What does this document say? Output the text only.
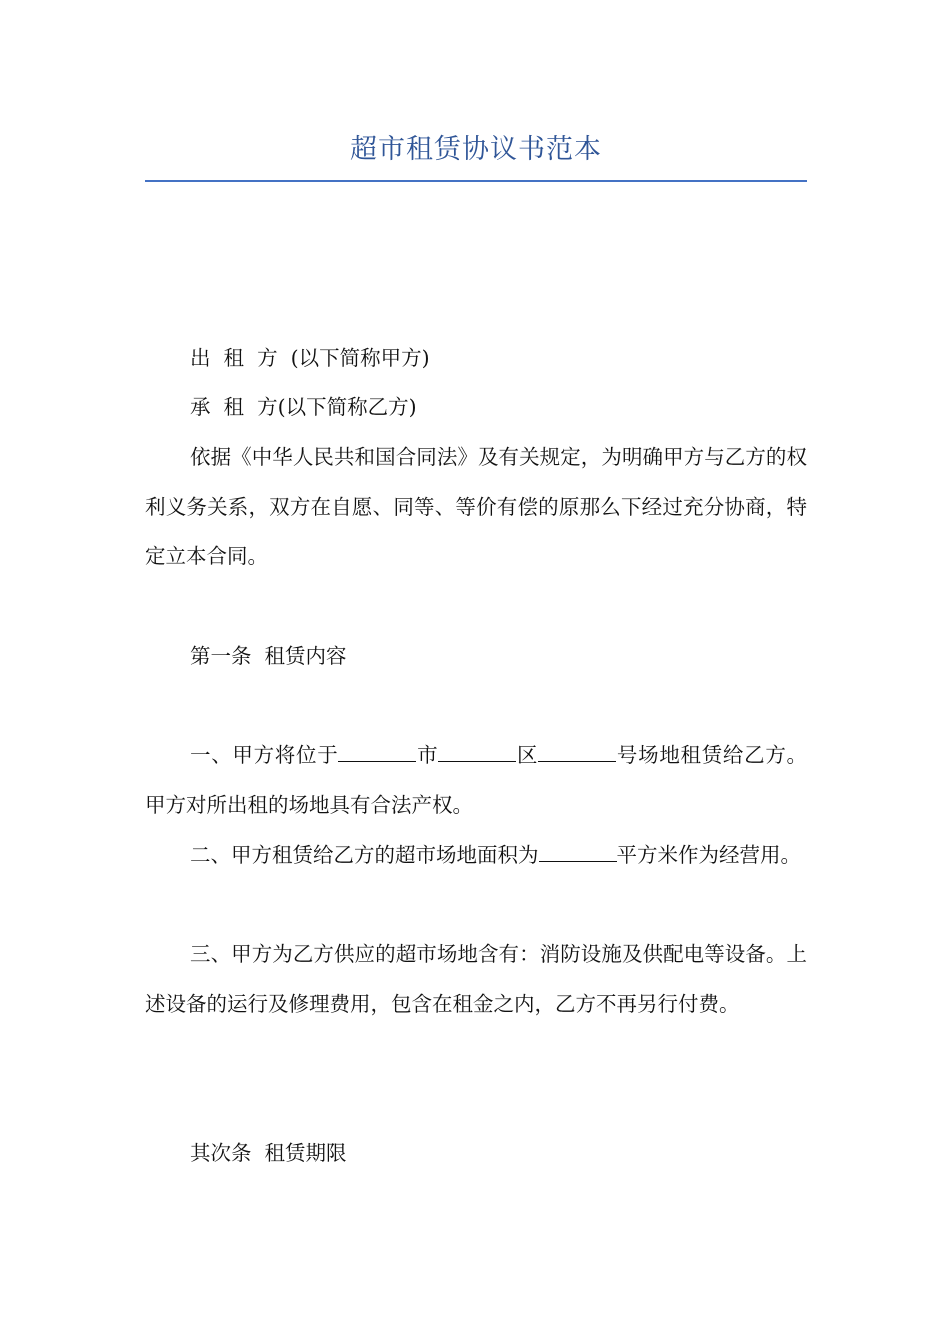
超市租赁协议书范本

出  租  方  (以下简称甲方)

承  租  方(以下简称乙方)

依据《中华人民共和国合同法》及有关规定，为明确甲方与乙方的权利义务关系，双方在自愿、同等、等价有偿的原那么下经过充分协商，特定立本合同。

第一条  租赁内容

一、甲方将位于	市	区	号场地租赁给乙方。甲方对所出租的场地具有合法产权。

二、甲方租赁给乙方的超市场地面积为	平方米作为经营用。

三、甲方为乙方供应的超市场地含有：消防设施及供配电等设备。上述设备的运行及修理费用，包含在租金之内，乙方不再另行付费。

其次条  租赁期限
